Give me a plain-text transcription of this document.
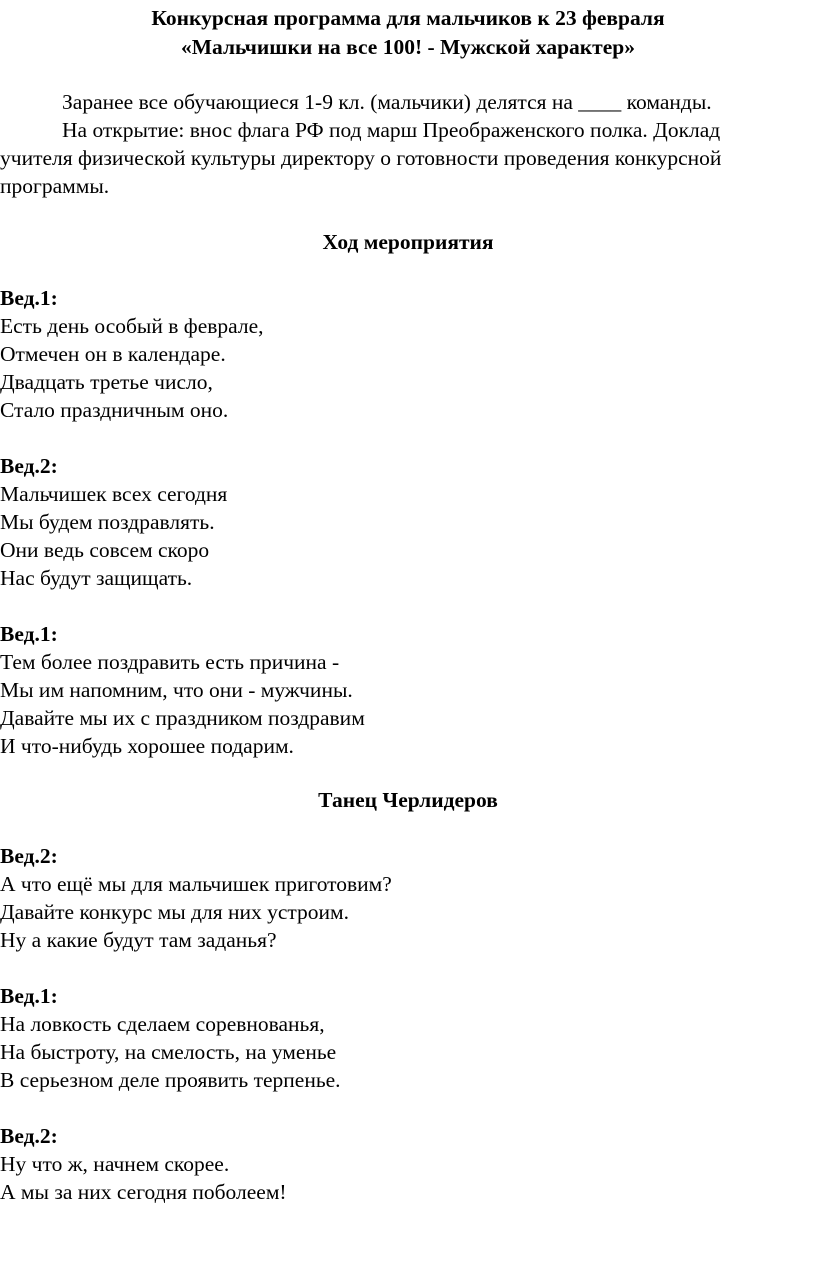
Конкурсная программа для мальчиков к 23 февраля
«Мальчишки на все 100! - Мужской характер»
Заранее все обучающиеся 1-9 кл. (мальчики) делятся на ____ команды.
На открытие: внос флага РФ под марш Преображенского полка. Доклад
учителя физической культуры директору о готовности проведения конкурсной
программы.
Ход мероприятия
Вед.1:
Есть день особый в феврале,
Отмечен он в календаре.
Двадцать третье число,
Стало праздничным оно.
Вед.2:
Мальчишек всех сегодня
Мы будем поздравлять.
Они ведь совсем скоро
Нас будут защищать.
Вед.1:
Тем более поздравить есть причина -
Мы им напомним, что они - мужчины.
Давайте мы их с праздником поздравим
И что-нибудь хорошее подарим.
Танец Черлидеров
Вед.2:
А что ещё мы для мальчишек приготовим?
Давайте конкурс мы для них устроим.
Ну а какие будут там заданья?
Вед.1:
На ловкость сделаем соревнованья,
На быстроту, на смелость, на уменье
В серьезном деле проявить терпенье.
Вед.2:
Ну что ж, начнем скорее.
А мы за них сегодня поболеем!
